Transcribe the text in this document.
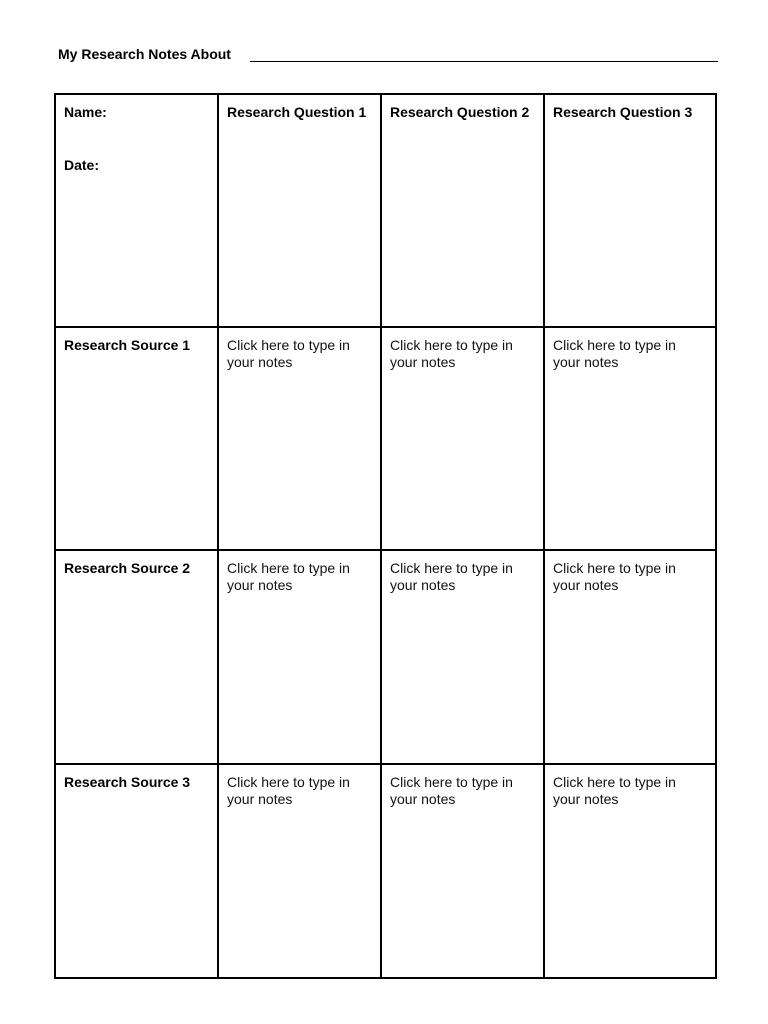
My Research Notes About
Name:
Date:	Research Question 1	Research Question 2	Research Question 3
Research Source 1	Click here to type in your notes	Click here to type in your notes	Click here to type in your notes
Research Source 2	Click here to type in your notes	Click here to type in your notes	Click here to type in your notes
Research Source 3	Click here to type in your notes	Click here to type in your notes	Click here to type in your notes
